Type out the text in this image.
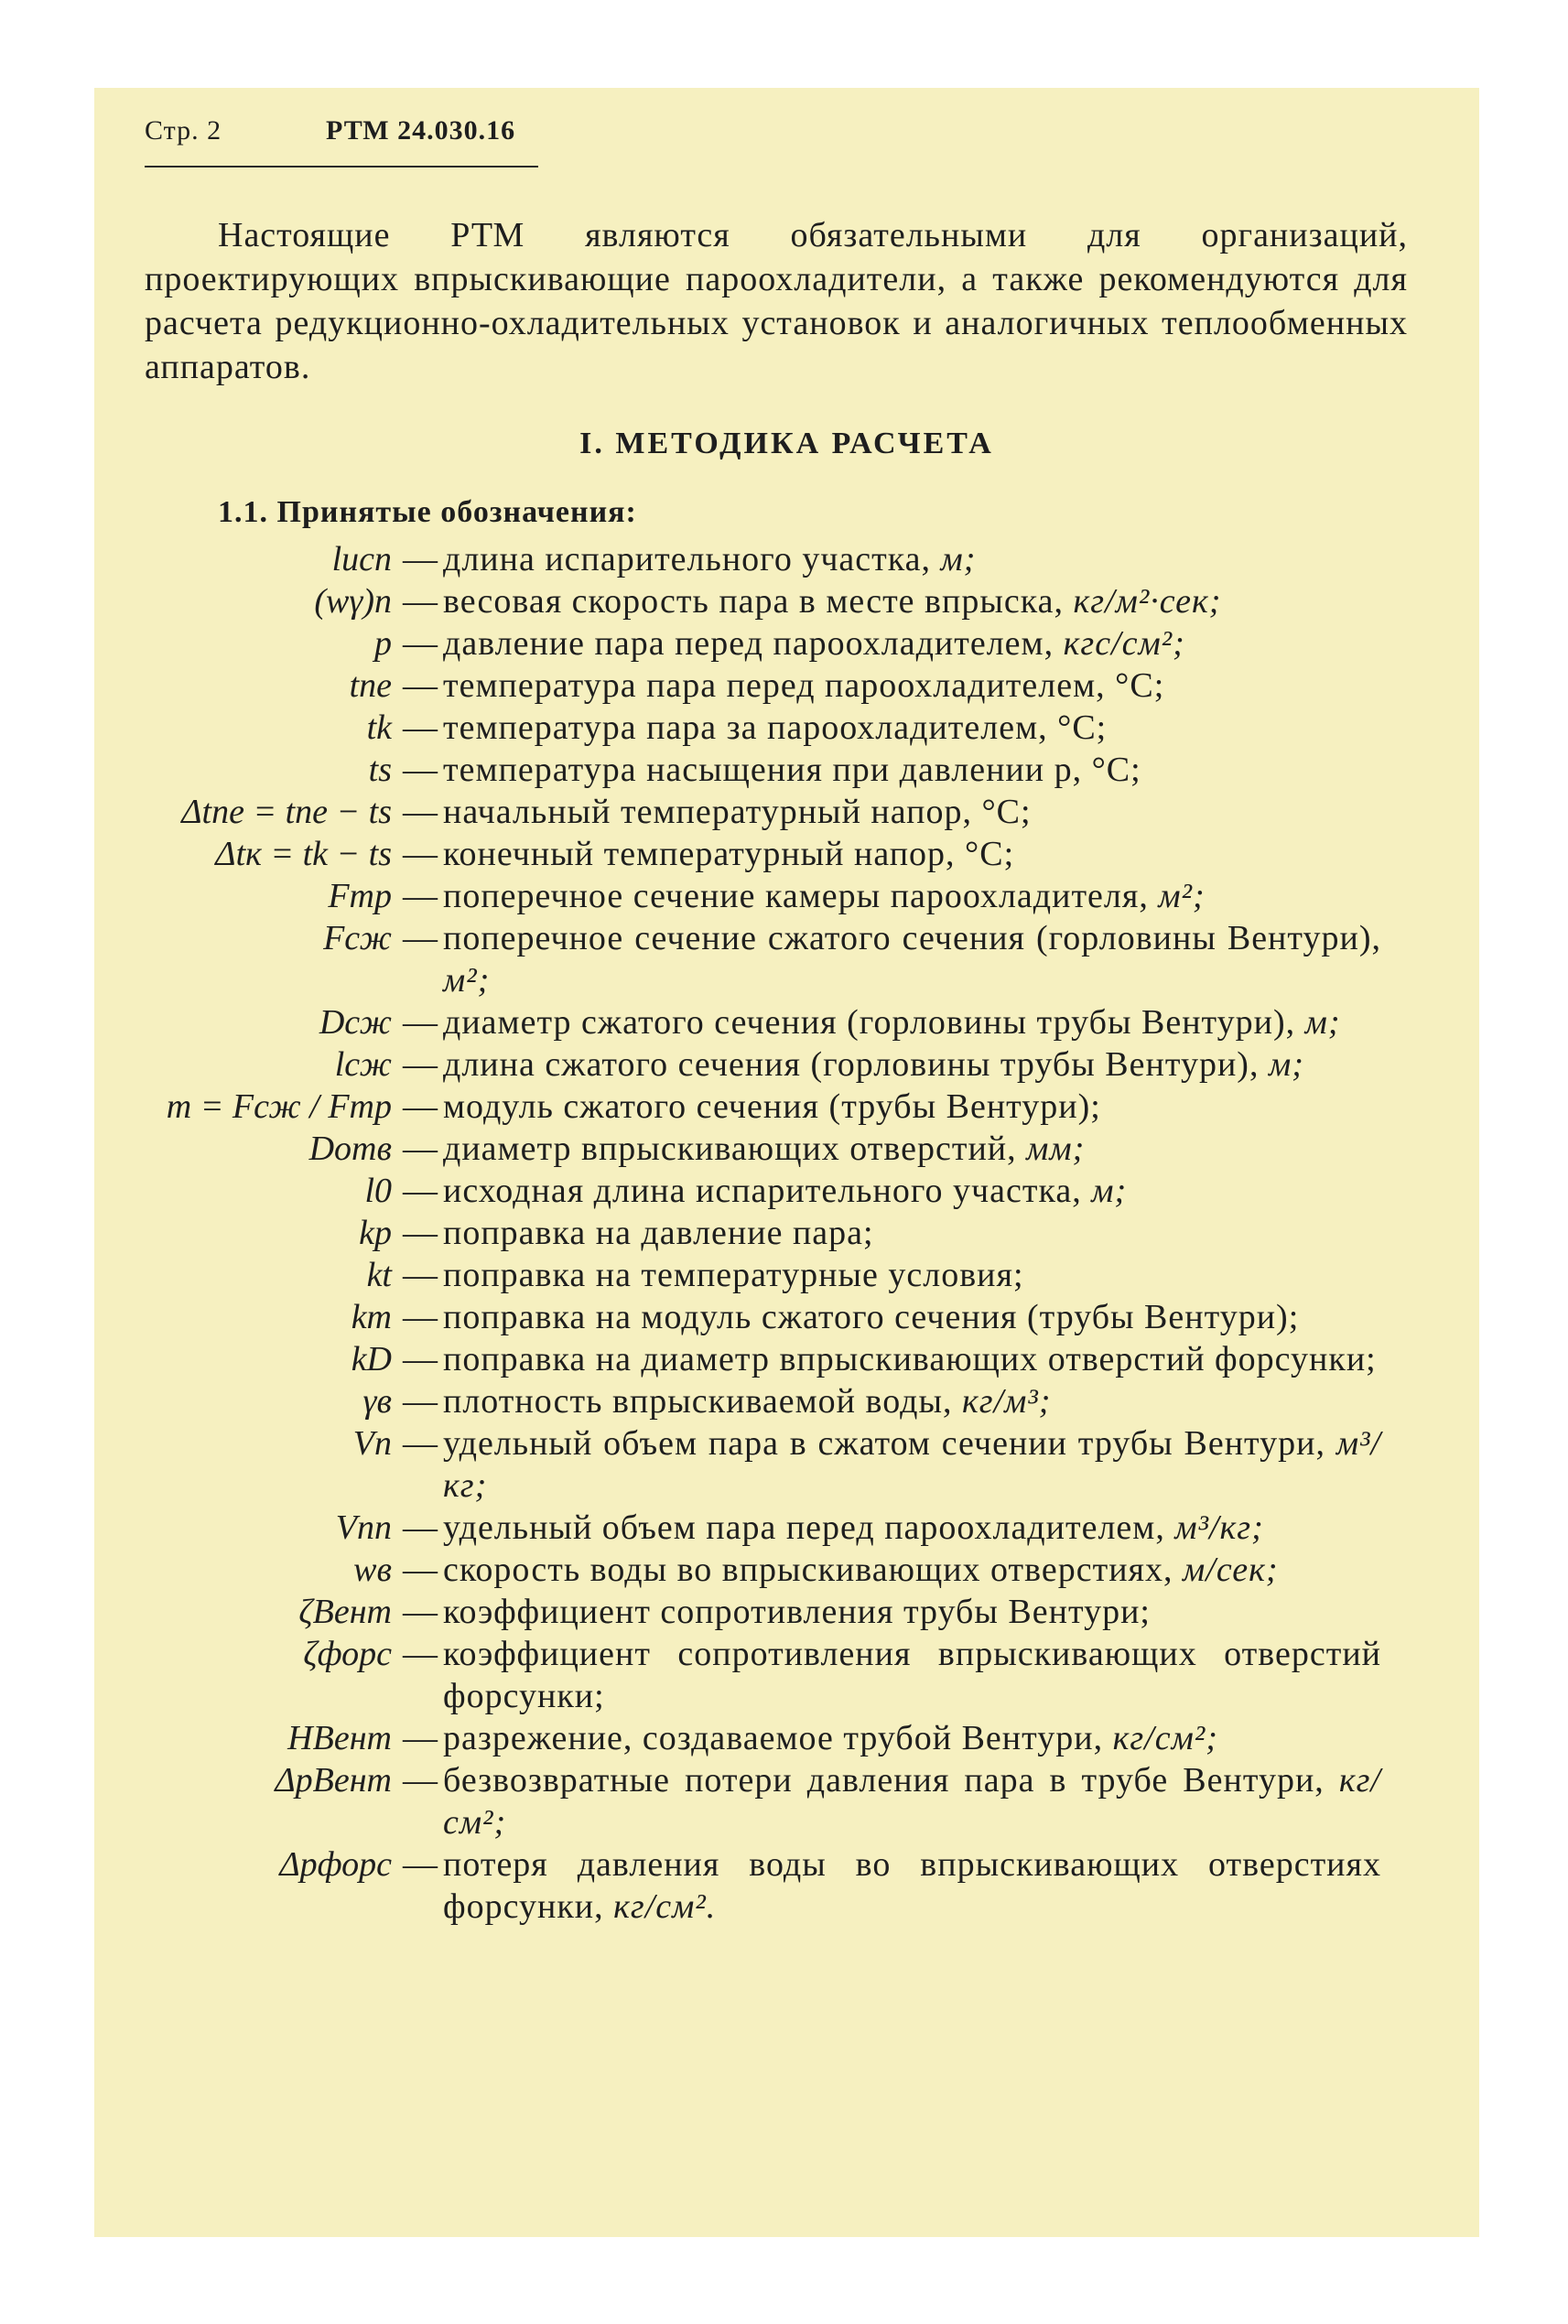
Стр. 2	РТМ 24.030.16
Настоящие РТМ являются обязательными для организаций, проектирующих впрыскивающие пароохладители, а также рекомендуются для расчета редукционно-охладительных установок и аналогичных теплообменных аппаратов.
I. МЕТОДИКА РАСЧЕТА
1.1. Принятые обозначения:
lисп — длина испарительного участка, м;
(wγ)п — весовая скорость пара в месте впрыска, кг/м²·сек;
p — давление пара перед пароохладителем, кгс/см²;
tпе — температура пара перед пароохладителем, °С;
tk — температура пара за пароохладителем, °С;
ts — температура насыщения при давлении p, °С;
Δtпе = tпе − ts — начальный температурный напор, °С;
Δtк = tk − ts — конечный температурный напор, °С;
Fтр — поперечное сечение камеры пароохладителя, м²;
Fсж — поперечное сечение сжатого сечения (горловины Вентури), м²;
Dсж — диаметр сжатого сечения (горловины трубы Вентури), м;
lсж — длина сжатого сечения (горловины трубы Вентури), м;
m = Fсж / Fтр — модуль сжатого сечения (трубы Вентури);
Dотв — диаметр впрыскивающих отверстий, мм;
l0 — исходная длина испарительного участка, м;
kp — поправка на давление пара;
kt — поправка на температурные условия;
km — поправка на модуль сжатого сечения (трубы Вентури);
kD — поправка на диаметр впрыскивающих отверстий форсунки;
γв — плотность впрыскиваемой воды, кг/м³;
Vп — удельный объем пара в сжатом сечении трубы Вентури, м³/кг;
Vпп — удельный объем пара перед пароохладителем, м³/кг;
wв — скорость воды во впрыскивающих отверстиях, м/сек;
ζВент — коэффициент сопротивления трубы Вентури;
ζфорс — коэффициент сопротивления впрыскивающих отверстий форсунки;
HВент — разрежение, создаваемое трубой Вентури, кг/см²;
ΔpВент — безвозвратные потери давления пара в трубе Вентури, кг/см²;
Δpфорс — потеря давления воды во впрыскивающих отверстиях форсунки, кг/см².
